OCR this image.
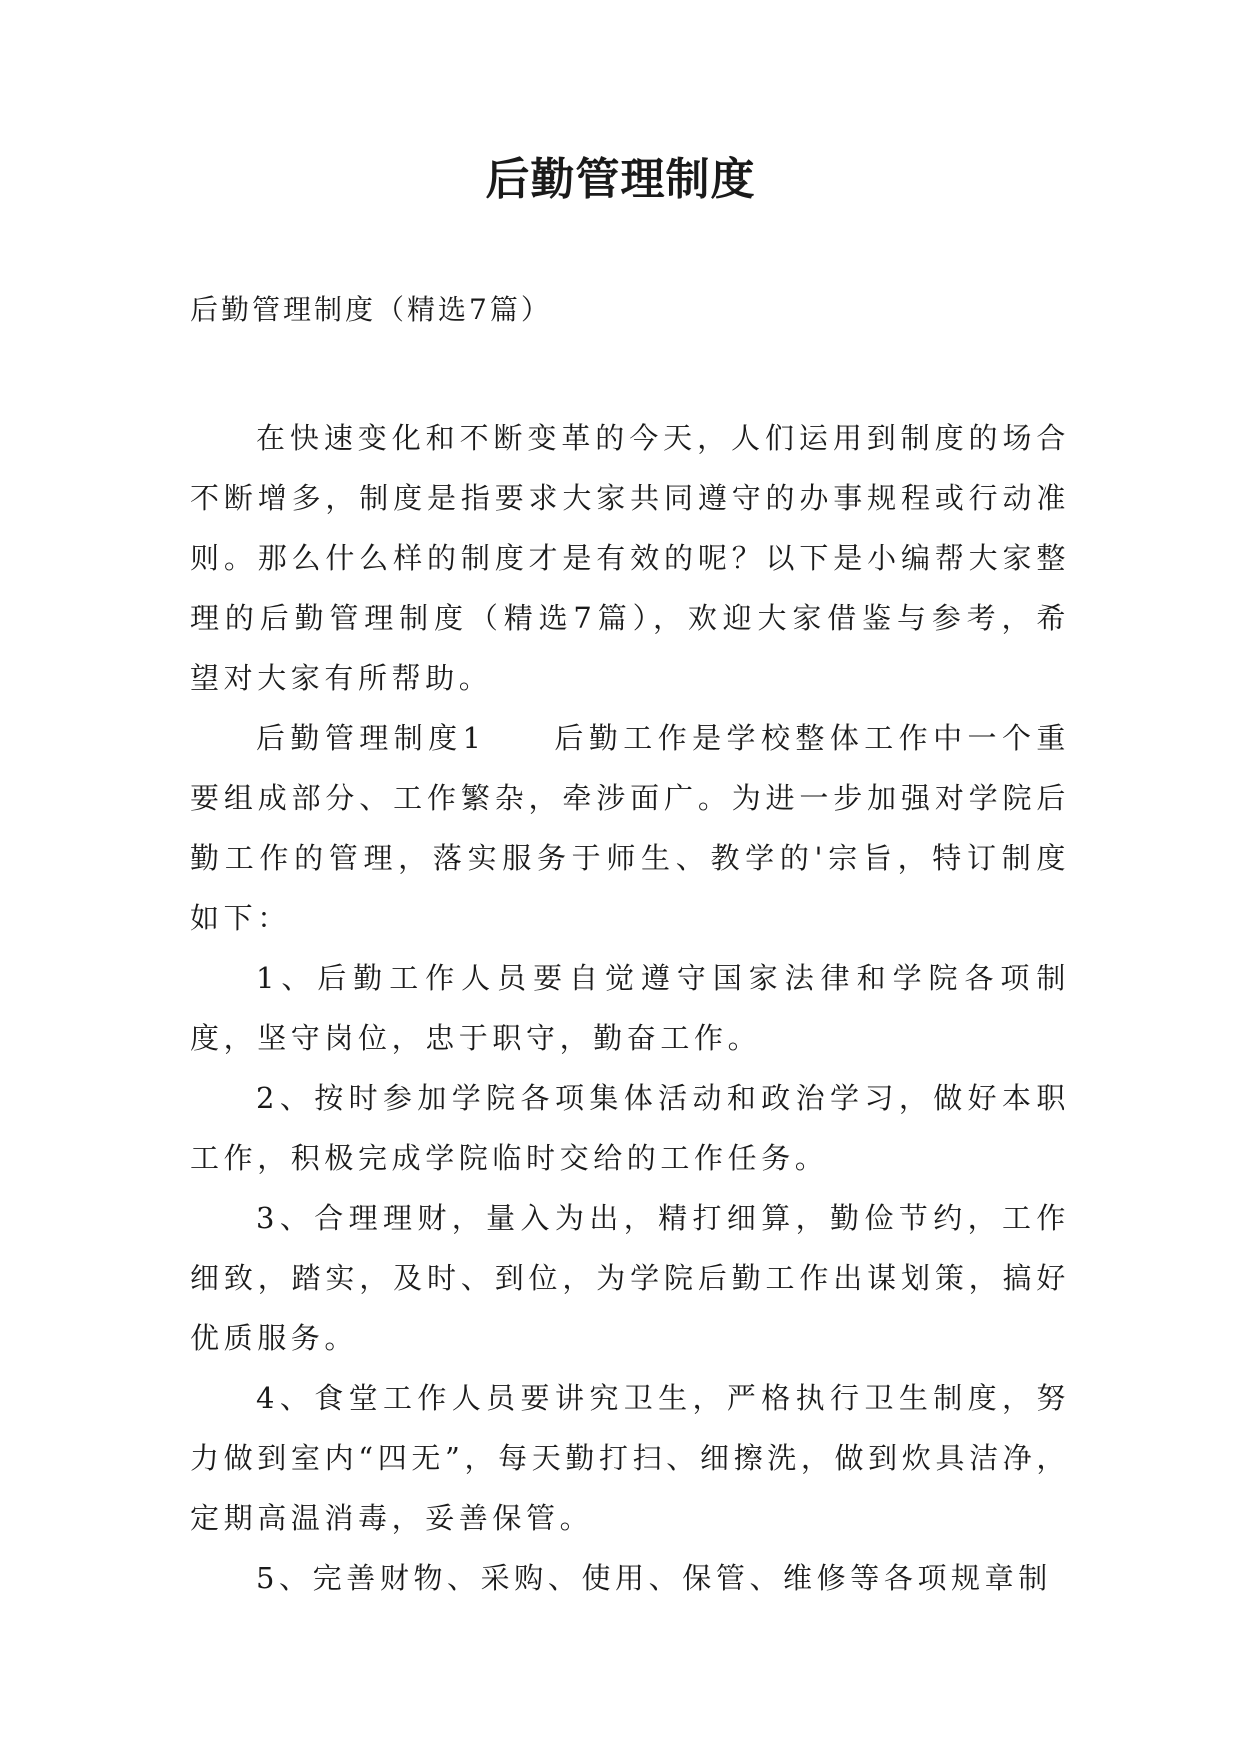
后勤管理制度

后勤管理制度（精选7篇）

在快速变化和不断变革的今天，人们运用到制度的场合不断增多，制度是指要求大家共同遵守的办事规程或行动准则。那么什么样的制度才是有效的呢？以下是小编帮大家整理的后勤管理制度（精选7篇），欢迎大家借鉴与参考，希望对大家有所帮助。

后勤管理制度1 后勤工作是学校整体工作中一个重要组成部分、工作繁杂，牵涉面广。为进一步加强对学院后勤工作的管理，落实服务于师生、教学的'宗旨，特订制度如下：

1、后勤工作人员要自觉遵守国家法律和学院各项制度，坚守岗位，忠于职守，勤奋工作。

2、按时参加学院各项集体活动和政治学习，做好本职工作，积极完成学院临时交给的工作任务。

3、合理理财，量入为出，精打细算，勤俭节约，工作细致，踏实，及时、到位，为学院后勤工作出谋划策，搞好优质服务。

4、食堂工作人员要讲究卫生，严格执行卫生制度，努力做到室内“四无”，每天勤打扫、细擦洗，做到炊具洁净，定期高温消毒，妥善保管。

5、完善财物、采购、使用、保管、维修等各项规章制
